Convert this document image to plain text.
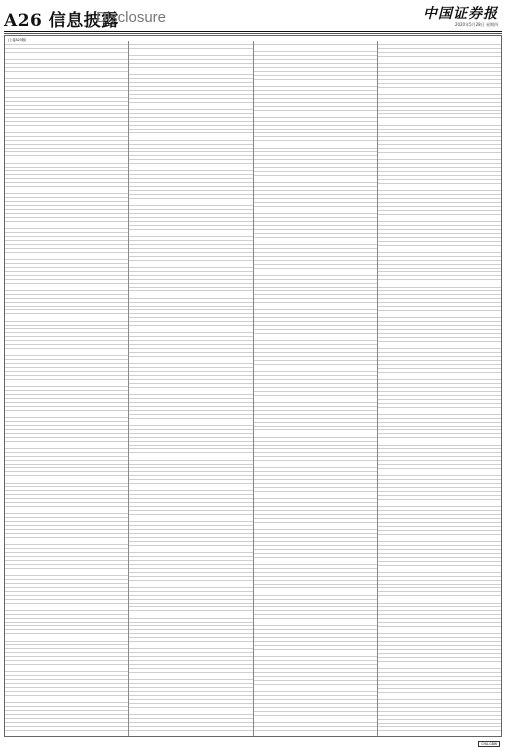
A26 信息披露
Disclosure	中国证券报
2020年5月28日 星期四
(上接A25版)
CHA-GBW
